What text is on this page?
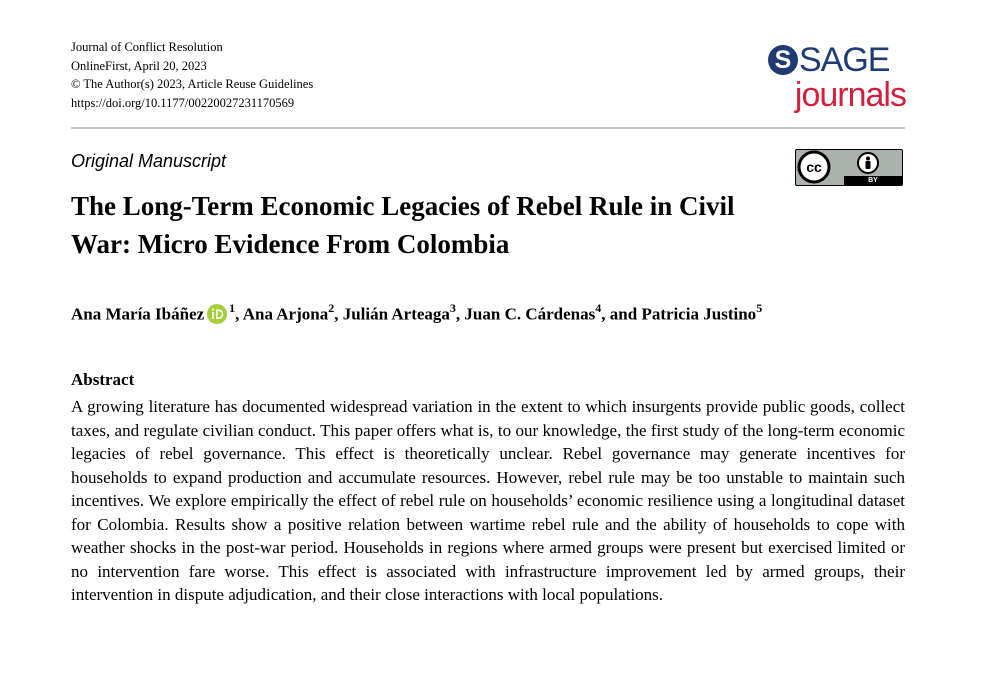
Journal of Conflict Resolution
OnlineFirst, April 20, 2023
© The Author(s) 2023, Article Reuse Guidelines
https://doi.org/10.1177/00220027231170569
S SAGE
journals
Original Manuscript	cc
BY
The Long-Term Economic Legacies of Rebel Rule in Civil War: Micro Evidence From Colombia
Ana María Ibáñez $^1$, Ana Arjona$^2$, Julián Arteaga$^3$, Juan C. Cárdenas$^4$, and Patricia Justino$^5$
Abstract
A growing literature has documented widespread variation in the extent to which insurgents provide public goods, collect taxes, and regulate civilian conduct. This paper offers what is, to our knowledge, the first study of the long-term economic legacies of rebel governance. This effect is theoretically unclear. Rebel governance may generate incentives for households to expand production and accumulate resources. However, rebel rule may be too unstable to maintain such incentives. We explore empirically the effect of rebel rule on households’ economic resilience using a longitudinal dataset for Colombia. Results show a positive relation between wartime rebel rule and the ability of households to cope with weather shocks in the post-war period. Households in regions where armed groups were present but exercised limited or no intervention fare worse. This effect is associated with infrastructure improvement led by armed groups, their intervention in dispute adjudication, and their close interactions with local populations.
